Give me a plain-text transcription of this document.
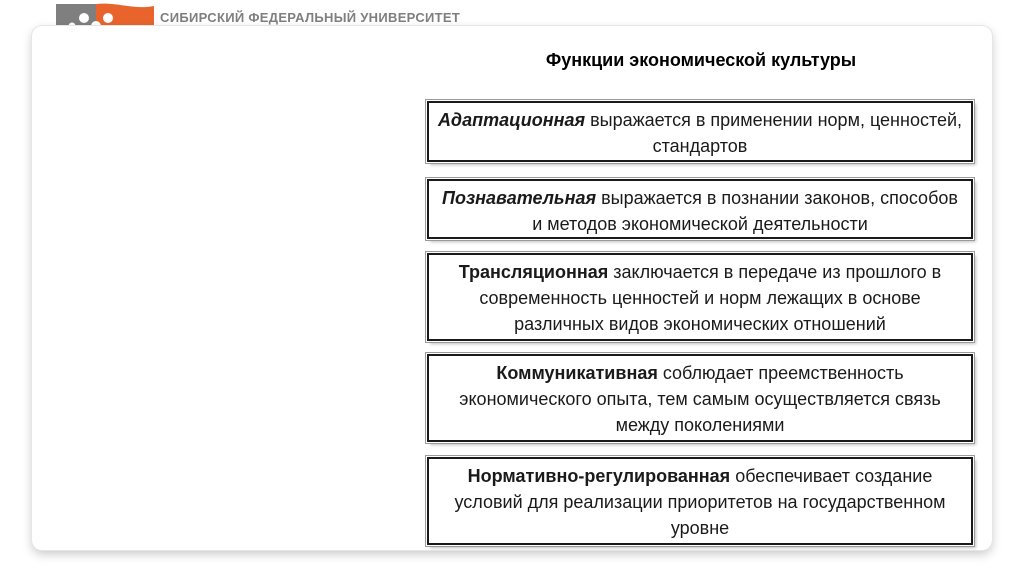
СИБИРСКИЙ ФЕДЕРАЛЬНЫЙ УНИВЕРСИТЕТ
Функции экономической культуры
Адаптационная выражается в применении норм, ценностей, стандартов
Познавательная выражается в познании законов, способов и методов экономической деятельности
Трансляционная заключается в передаче из прошлого в современность ценностей и норм лежащих в основе различных видов экономических отношений
Коммуникативная соблюдает преемственность экономического опыта, тем самым осуществляется связь между поколениями
Нормативно-регулированная обеспечивает создание условий для реализации приоритетов на государственном уровне
